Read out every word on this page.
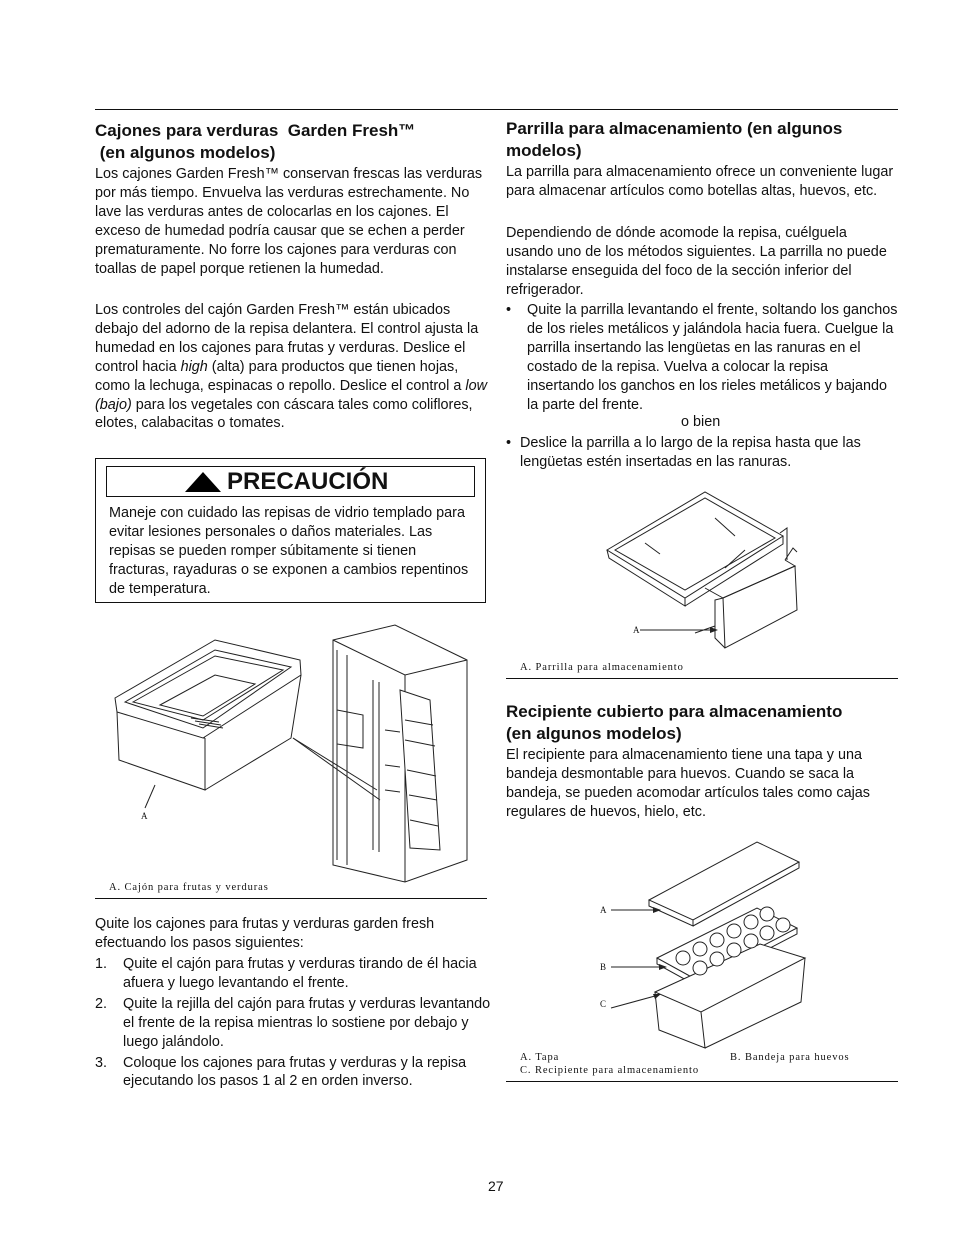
Cajones para verduras  Garden Fresh™
(en algunos modelos)

Los cajones Garden Fresh™ conservan frescas las verduras por más tiempo. Envuelva las verduras estrechamente. No lave las verduras antes de colocarlas en los cajones. El exceso de humedad podría causar que se echen a perder prematuramente. No forre los cajones para verduras con toallas de papel porque retienen la humedad.

Los controles del cajón Garden Fresh™ están ubicados debajo del adorno de la repisa delantera. El control ajusta la humedad en los cajones para frutas y verduras. Deslice el control hacia high (alta) para productos que tienen hojas, como la lechuga, espinacas o repollo. Deslice el control a low (bajo) para los vegetales con cáscara tales como coliflores, elotes, calabacitas o tomates.

PRECAUCIÓN

Maneje con cuidado las repisas de vidrio templado para evitar lesiones personales o daños materiales. Las repisas se pueden romper súbitamente si tienen fracturas, rayaduras o se exponen a cambios repentinos de temperatura.

A
A. Cajón para frutas y verduras

Quite los cajones para frutas y verduras garden fresh efectuando los pasos siguientes:

1.	Quite el cajón para frutas y verduras tirando de él hacia afuera y luego levantando el frente.
2.	Quite la rejilla del cajón para frutas y verduras levantando el frente de la repisa mientras lo sostiene por debajo y luego jalándolo.
3.	Coloque los cajones para frutas y verduras y la repisa ejecutando los pasos 1 al 2 en orden inverso.
Parrilla para almacenamiento (en algunos
modelos)

La parrilla para almacenamiento ofrece un conveniente lugar para almacenar artículos como botellas altas, huevos, etc.

Dependiendo de dónde acomode la repisa, cuélguela usando uno de los métodos siguientes. La parrilla no puede instalarse enseguida del foco de la sección inferior del refrigerador.

•	Quite la parrilla levantando el frente, soltando los ganchos de los rieles metálicos y jalándola hacia fuera. Cuelgue la parrilla insertando las lengüetas en las ranuras en el costado de la repisa. Vuelva a colocar la repisa insertando los ganchos en los rieles metálicos y bajando la parte del frente.

o bien

• Deslice la parrilla a lo largo de la repisa hasta que las lengüetas estén insertadas en las ranuras.
A
A. Parrilla para almacenamiento
Recipiente cubierto para almacenamiento
(en algunos modelos)

El recipiente para almacenamiento tiene una tapa y una bandeja desmontable para huevos. Cuando se saca la bandeja, se pueden acomodar artículos tales como cajas regulares de huevos, hielo, etc.

A
B
C
A. Tapa	B. Bandeja para huevos
C. Recipiente para almacenamiento
27
